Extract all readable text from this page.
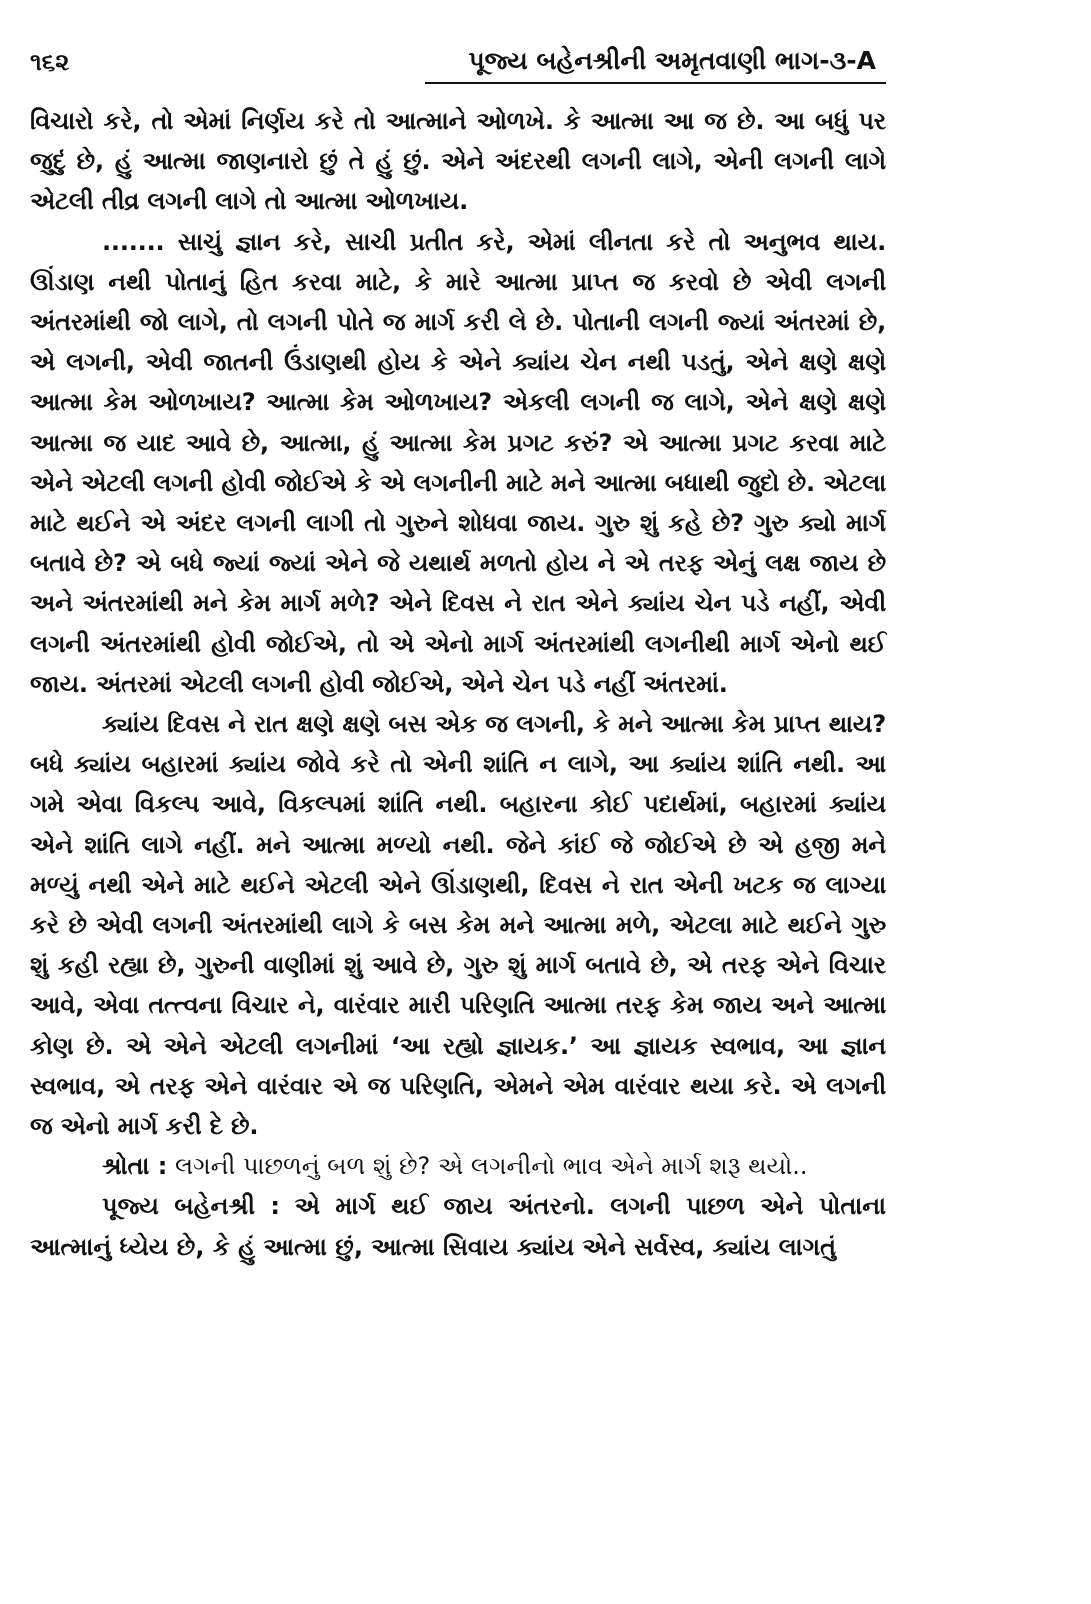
૧૬૨	પૂજ્ય બહેનશ્રીની અમૃતવાણી ભાગ-૩-A

વિચારો કરે, તો એમાં નિર્ણય કરે તો આત્માને ઓળખે. કે આત્મા આ જ છે. આ બધું પર જુદું છે, હું આત્મા જાણનારો છું તે હું છું. એને અંદરથી લગની લાગે, એની લગની લાગે એટલી તીવ્ર લગની લાગે તો આત્મા ઓળખાય.

....... સાચું જ્ઞાન કરે, સાચી પ્રતીત કરે, એમાં લીનતા કરે તો અનુભવ થાય. ઊંડાણ નથી પોતાનું હિત કરવા માટે, કે મારે આત્મા પ્રાપ્ત જ કરવો છે એવી લગની અંતરમાંથી જો લાગે, તો લગની પોતે જ માર્ગ કરી લે છે. પોતાની લગની જ્યાં અંતરમાં છે, એ લગની, એવી જાતની ઉંડાણથી હોય કે એને ક્યાંય ચેન નથી પડતું, એને ક્ષણે ક્ષણે આત્મા કેમ ઓળખાય? આત્મા કેમ ઓળખાય? એકલી લગની જ લાગે, એને ક્ષણે ક્ષણે આત્મા જ યાદ આવે છે, આત્મા, હું આત્મા કેમ પ્રગટ કરું? એ આત્મા પ્રગટ કરવા માટે એને એટલી લગની હોવી જોઈએ કે એ લગનીની માટે મને આત્મા બધાથી જુદો છે. એટલા માટે થઈને એ અંદર લગની લાગી તો ગુરુને શોધવા જાય. ગુરુ શું કહે છે? ગુરુ ક્યો માર્ગ બતાવે છે? એ બધે જ્યાં જ્યાં એને જે યથાર્થ મળતો હોય ને એ તરફ એનું લક્ષ જાય છે અને અંતરમાંથી મને કેમ માર્ગ મળે? એને દિવસ ને રાત એને ક્યાંય ચેન પડે નહીં, એવી લગની અંતરમાંથી હોવી જોઈએ, તો એ એનો માર્ગ અંતરમાંથી લગનીથી માર્ગ એનો થઈ જાય. અંતરમાં એટલી લગની હોવી જોઈએ, એને ચેન પડે નહીં અંતરમાં.

ક્યાંય દિવસ ને રાત ક્ષણે ક્ષણે બસ એક જ લગની, કે મને આત્મા કેમ પ્રાપ્ત થાય? બધે ક્યાંય બહારમાં ક્યાંય જોવે કરે તો એની શાંતિ ન લાગે, આ ક્યાંય શાંતિ નથી. આ ગમે એવા વિકલ્પ આવે, વિકલ્પમાં શાંતિ નથી. બહારના કોઈ પદાર્થમાં, બહારમાં ક્યાંય એને શાંતિ લાગે નહીં. મને આત્મા મળ્યો નથી. જેને કાંઈ જે જોઈએ છે એ હજી મને મળ્યું નથી એને માટે થઈને એટલી એને ઊંડાણથી, દિવસ ને રાત એની ખટક જ લાગ્યા કરે છે એવી લગની અંતરમાંથી લાગે કે બસ કેમ મને આત્મા મળે, એટલા માટે થઈને ગુરુ શું કહી રહ્યા છે, ગુરુની વાણીમાં શું આવે છે, ગુરુ શું માર્ગ બતાવે છે, એ તરફ એને વિચાર આવે, એવા તત્ત્વના વિચાર ને, વારંવાર મારી પરિણતિ આત્મા તરફ કેમ જાય અને આત્મા કોણ છે. એ એને એટલી લગનીમાં ‘આ રહ્યો જ્ઞાયક.’ આ જ્ઞાયક સ્વભાવ, આ જ્ઞાન સ્વભાવ, એ તરફ એને વારંવાર એ જ પરિણતિ, એમને એમ વારંવાર થયા કરે. એ લગની જ એનો માર્ગ કરી દે છે.

શ્રોતા : લગની પાછળનું બળ શું છે? એ લગનીનો ભાવ એને માર્ગ શરૂ થયો..

પૂજ્ય બહેનશ્રી : એ માર્ગ થઈ જાય અંતરનો. લગની પાછળ એને પોતાના આત્માનું ધ્યેય છે, કે હું આત્મા છું, આત્મા સિવાય ક્યાંય એને સર્વસ્વ, ક્યાંય લાગતું
